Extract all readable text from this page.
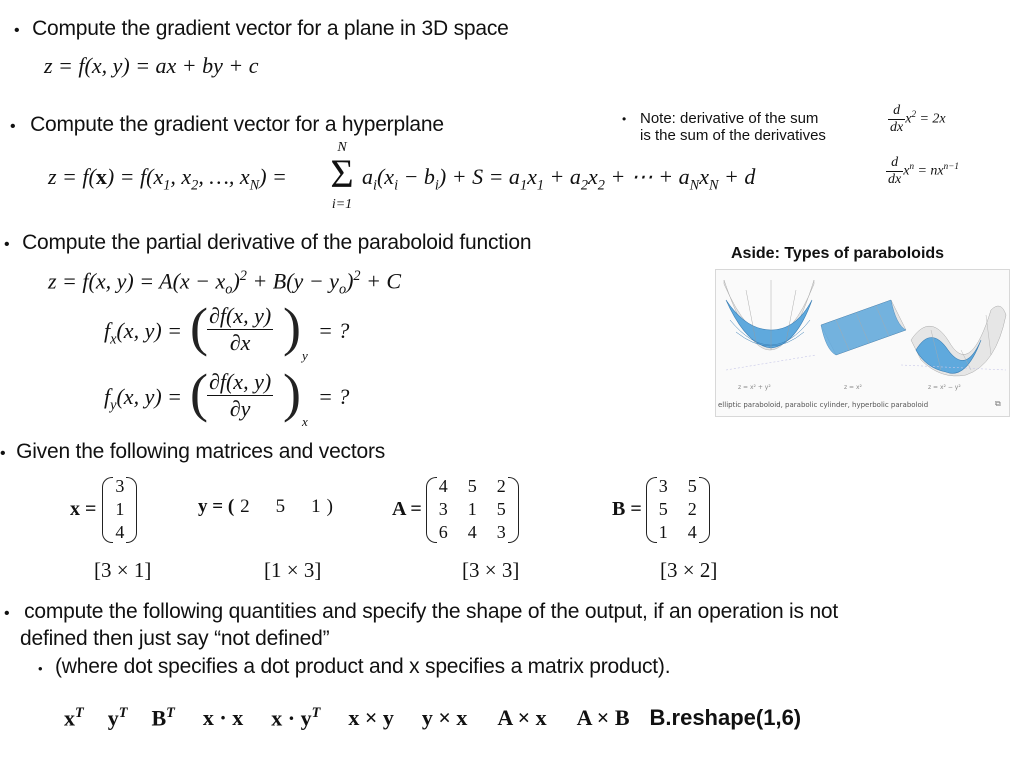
• Compute the gradient vector for a plane in 3D space
z = f(x, y) = ax + by + c
• Compute the gradient vector for a hyperplane	• Note: derivative of the sum
is the sum of the derivatives	$\frac{d}{dx} x^2 = 2x$
$\frac{d}{dx} x^n = nx^{n-1}$
$z = f(x) = f(x_1$, $x_2$, …, $x_N$) =
N
Σ
i=1
$a_i(x_i - b_i) + S = a_1x_1 + a_2x_2$ + ⋯ + $a_Nx_N + d$
• Compute the partial derivative of the paraboloid function
z = f(x, $y) = A(x - x_o)^2 + B(y - y_o)^2 + C$
$f_x(x$, y) = ( $\frac{\partial f(x, y)}{\partial x}$ ) y
= ?
$f_y(x$, y) = ( $\frac{\partial f(x, y)}{\partial y}$ ) x
= ?
Aside: Types of paraboloids
z = x² + y²	z = x²	z = x² − y²
elliptic paraboloid, parabolic cylinder, hyperbolic paraboloid	⧉
• Given the following matrices and vectors
x =
3
1
4
y = ( 2 5 1 )	A =
4 5 2
3 1 5
6 4 3
B =
3 5
5 2
1 4
[3 × 1]	[1 × 3]	[3 × 3]	[3 × 2]
• compute the following quantities and specify the shape of the output, if an operation is not
defined then just say “not defined”
• (where dot specifies a dot product and x specifies a matrix product).
$x^T$ $y^T$ $B^T$ x · x $x \cdot y^T$ x × y y × x A × x A × B B.reshape(1,6)
